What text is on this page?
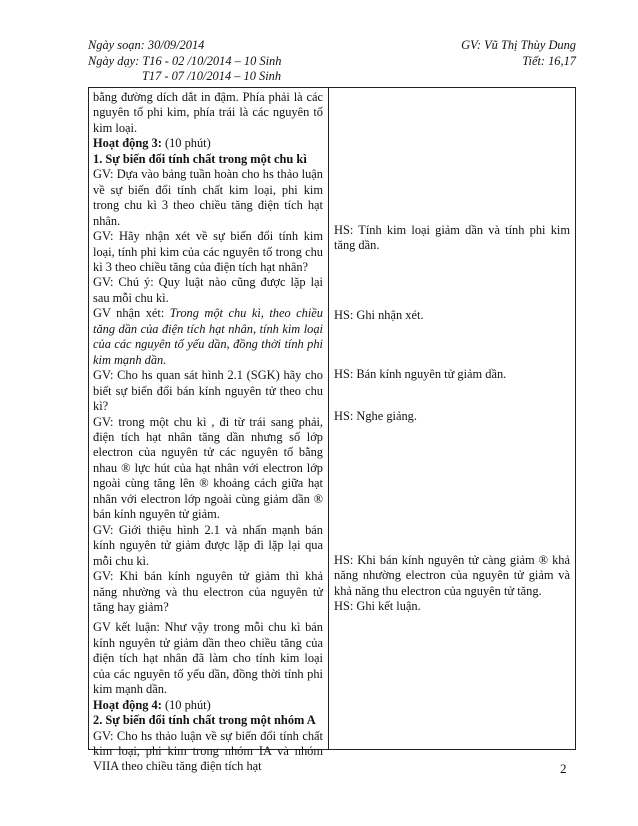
Ngày soạn: 30/09/2014
Ngày dạy: T16 - 02 /10/2014 – 10 Sinh
T17 - 07 /10/2014 – 10 Sinh
GV: Vũ Thị Thùy Dung
Tiết: 16,17

bằng đường dích dắt in đậm. Phía phải là các nguyên tố phi kim, phía trái là các nguyên tố kim loại.

Hoạt động 3: (10 phút)

1. Sự biến đổi tính chất trong một chu kì

GV: Dựa vào bảng tuần hoàn cho hs thảo luận về sự biến đổi tính chất kim loại, phi kim trong chu kì 3 theo chiều tăng điện tích hạt nhân.

GV: Hãy nhận xét về sự biến đổi tính kim loại, tính phi kim của các nguyên tố trong chu kì 3 theo chiều tăng của điện tích hạt nhân?

GV: Chú ý: Quy luật nào cũng được lặp lại sau mỗi chu kì.

GV nhận xét: Trong một chu kì, theo chiều tăng dần của điện tích hạt nhân, tính kim loại của các nguyên tố yếu dần, đồng thời tính phi kim mạnh dần.

GV: Cho hs quan sát hình 2.1 (SGK) hãy cho biết sự biến đổi bán kính nguyên tử theo chu kì?

GV: trong một chu kì , đi từ trái sang phải, điện tích hạt nhân tăng dần nhưng số lớp electron của nguyên tử các nguyên tố bằng nhau ® lực hút của hạt nhân với electron lớp ngoài cùng tăng lên ® khoảng cách giữa hạt nhân với electron lớp ngoài cùng giảm dần ® bán kính nguyên tử giảm.

GV: Giới thiệu hình 2.1 và nhấn mạnh bán kính nguyên tử giảm được lặp đi lặp lại qua mỗi chu kì.

GV: Khi bán kính nguyên tử giảm thì khả năng nhường và thu electron của nguyên tử tăng hay giảm?

GV kết luận: Như vậy trong mỗi chu kì bán kính nguyên tử giảm dần theo chiều tăng của điện tích hạt nhân đã làm cho tính kim loại của các nguyên tố yếu dần, đồng thời tính phi kim mạnh dần.

Hoạt động 4: (10 phút)

2. Sự biến đổi tính chất trong một nhóm A

GV: Cho hs thảo luận về sự biến đổi tính chất kim loại, phi kim trong nhóm IA và nhóm VIIA theo chiều tăng điện tích hạt

HS: Tính kim loại giảm dần và tính phi kim tăng dần.

HS: Ghi nhận xét.

HS: Bán kính nguyên tử giảm dần.

HS: Nghe giảng.

HS: Khi bán kính nguyên tử càng giảm ® khả năng nhường electron của nguyên tử giảm và khả năng thu electron của nguyên tử tăng.

HS: Ghi kết luận.

2
